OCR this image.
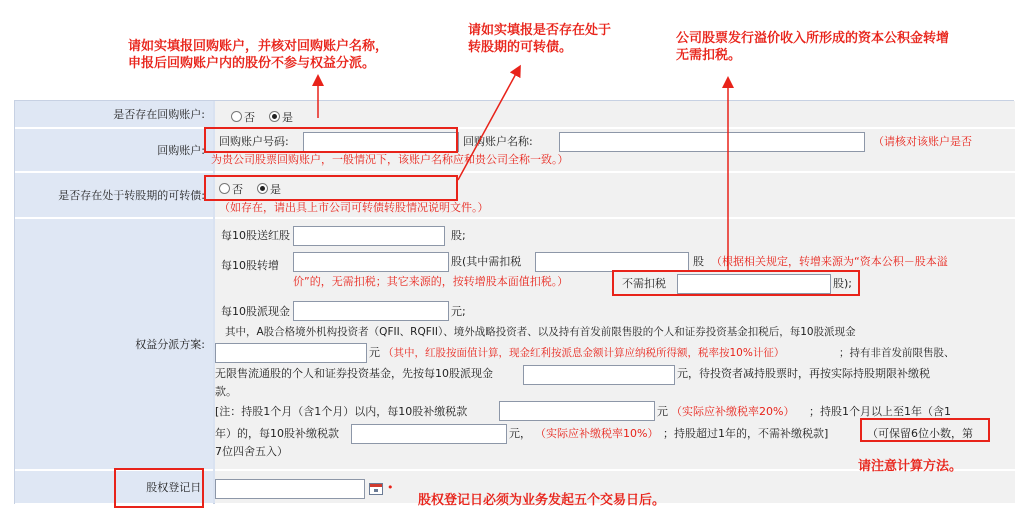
请如实填报回购账户，并核对回购账户名称，
申报后回购账户内的股份不参与权益分派。
请如实填报是否存在处于
转股期的可转债。
公司股票发行溢价收入所形成的资本公积金转增
无需扣税。
是否存在回购账户:	否	是
回购账户:
回购账户号码:	回购账户名称:	（请核对该账户是否
为贵公司股票回购账户，一般情况下，该账户名称应和贵公司全称一致。）
是否存在处于转股期的可转债:	否	是
（如存在，请出具上市公司可转债转股情况说明文件。）
权益分派方案:
每10股送红股	股;
每10股转增	股(其中需扣税	股 （根据相关规定，转增来源为“资本公积－股本溢
价”的，无需扣税；其它来源的，按转增股本面值扣税。）	，不需扣税	股);
每10股派现金	元;
其中，A股合格境外机构投资者（QFII、RQFII）、境外战略投资者、以及持有首发前限售股的个人和证券投资基金扣税后，每10股派现金
元 （其中，红股按面值计算，现金红利按派息金额计算应纳税所得额，税率按10%计征）	；持有非首发前限售股、
无限售流通股的个人和证券投资基金，先按每10股派现金	元，待投资者减持股票时，再按实际持股期限补缴税
款。
[注：持股1个月（含1个月）以内，每10股补缴税款	元 （实际应补缴税率20%） ；持股1个月以上至1年（含1
年）的，每10股补缴税款	元， （实际应补缴税率10%） ；持股超过1年的，不需补缴税款]	（可保留6位小数，第
7位四舍五入）
股权登记日:	•
请注意计算方法。
股权登记日必须为业务发起五个交易日后。
